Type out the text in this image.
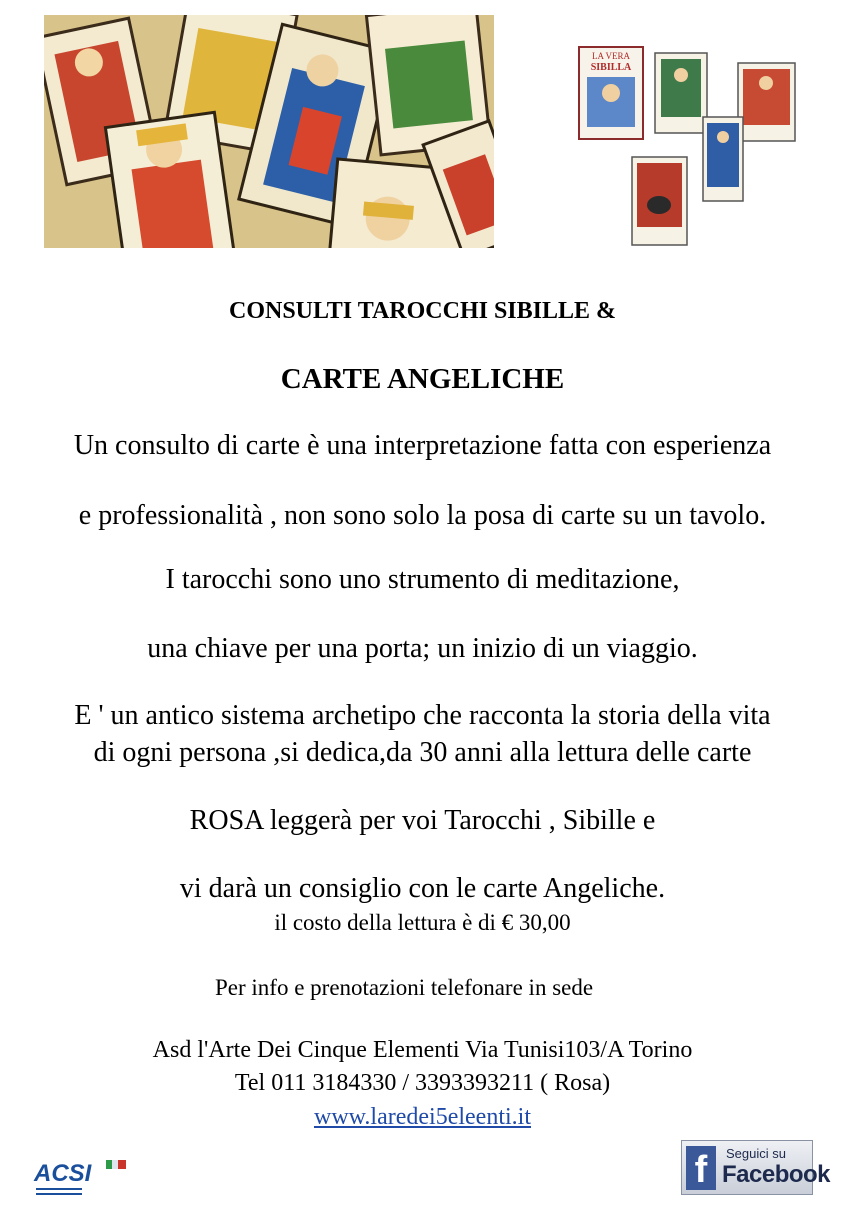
LA VERA
SIBILLA
CONSULTI TAROCCHI SIBILLE &
CARTE ANGELICHE
Un consulto di carte è una interpretazione fatta con esperienza
e professionalità , non sono solo la posa di carte su un tavolo.
I tarocchi sono uno strumento di meditazione,
una chiave per una porta; un inizio di un viaggio.
E ' un antico sistema archetipo che racconta la storia della vita
di ogni persona ,si dedica,da 30 anni alla lettura delle carte
ROSA leggerà per voi Tarocchi , Sibille e
vi darà un consiglio con le carte Angeliche.
il costo della lettura è di € 30,00
Per info e prenotazioni telefonare in sede
Asd l'Arte Dei Cinque Elementi Via Tunisi103/A Torino
Tel 011 3184330 / 3393393211 ( Rosa)
www.laredei5eleenti.it
ACSI	f	Seguici su
Facebook
